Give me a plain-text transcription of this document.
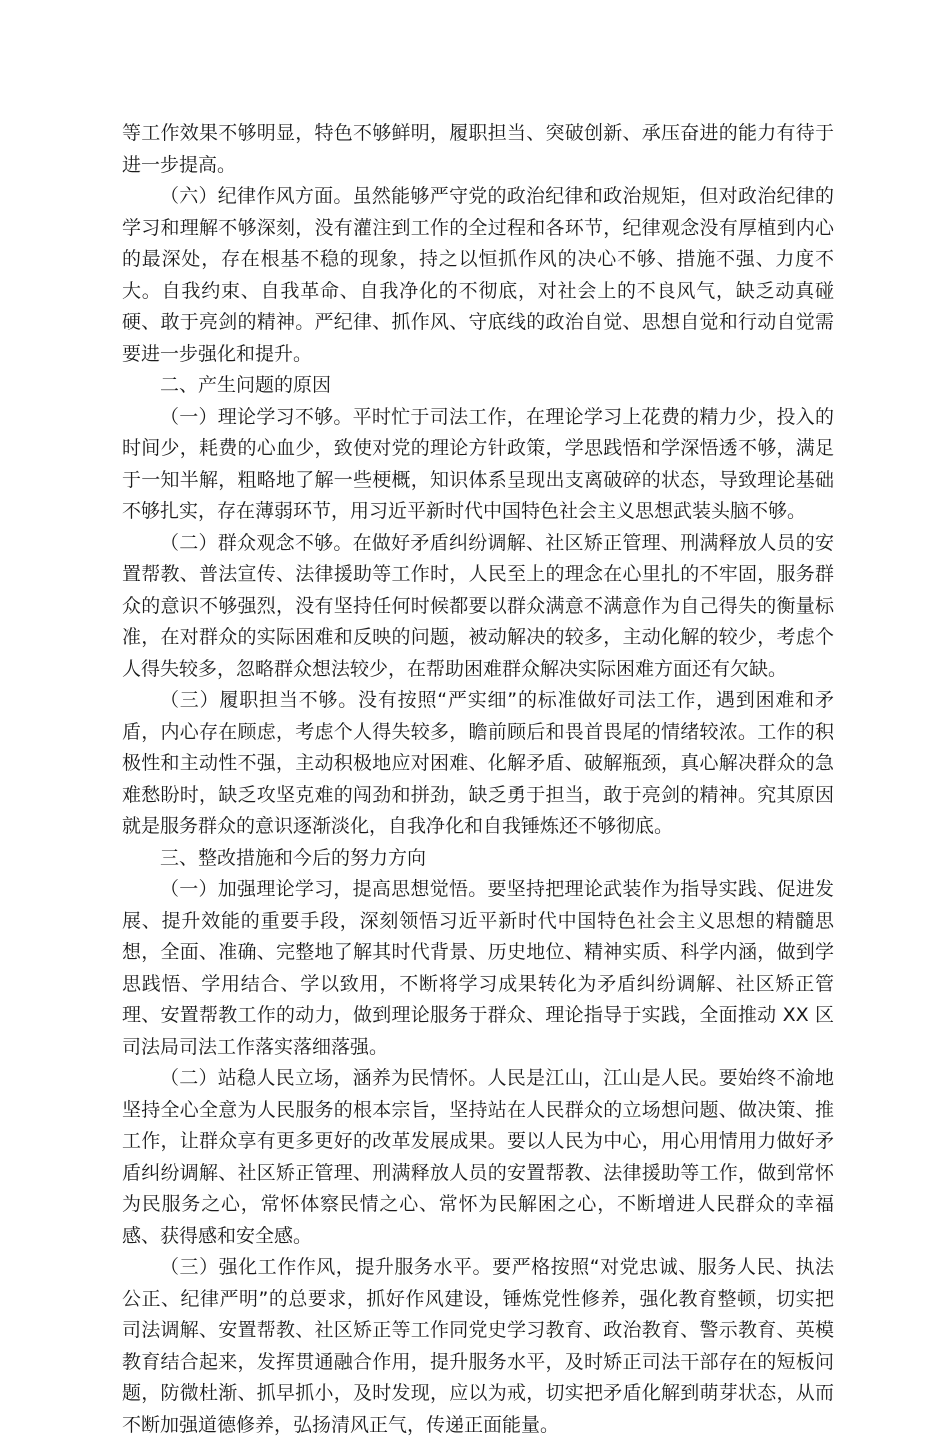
等工作效果不够明显，特色不够鲜明，履职担当、突破创新、承压奋进的能力有待于进一步提高。

（六）纪律作风方面。虽然能够严守党的政治纪律和政治规矩，但对政治纪律的学习和理解不够深刻，没有灌注到工作的全过程和各环节，纪律观念没有厚植到内心的最深处，存在根基不稳的现象，持之以恒抓作风的决心不够、措施不强、力度不大。自我约束、自我革命、自我净化的不彻底，对社会上的不良风气，缺乏动真碰硬、敢于亮剑的精神。严纪律、抓作风、守底线的政治自觉、思想自觉和行动自觉需要进一步强化和提升。

二、产生问题的原因

（一）理论学习不够。平时忙于司法工作，在理论学习上花费的精力少，投入的时间少，耗费的心血少，致使对党的理论方针政策，学思践悟和学深悟透不够，满足于一知半解，粗略地了解一些梗概，知识体系呈现出支离破碎的状态，导致理论基础不够扎实，存在薄弱环节，用习近平新时代中国特色社会主义思想武装头脑不够。

（二）群众观念不够。在做好矛盾纠纷调解、社区矫正管理、刑满释放人员的安置帮教、普法宣传、法律援助等工作时，人民至上的理念在心里扎的不牢固，服务群众的意识不够强烈，没有坚持任何时候都要以群众满意不满意作为自己得失的衡量标准，在对群众的实际困难和反映的问题，被动解决的较多，主动化解的较少，考虑个人得失较多，忽略群众想法较少，在帮助困难群众解决实际困难方面还有欠缺。

（三）履职担当不够。没有按照“严实细”的标准做好司法工作，遇到困难和矛盾，内心存在顾虑，考虑个人得失较多，瞻前顾后和畏首畏尾的情绪较浓。工作的积极性和主动性不强，主动积极地应对困难、化解矛盾、破解瓶颈，真心解决群众的急难愁盼时，缺乏攻坚克难的闯劲和拼劲，缺乏勇于担当，敢于亮剑的精神。究其原因就是服务群众的意识逐渐淡化，自我净化和自我锤炼还不够彻底。

三、整改措施和今后的努力方向

（一）加强理论学习，提高思想觉悟。要坚持把理论武装作为指导实践、促进发展、提升效能的重要手段，深刻领悟习近平新时代中国特色社会主义思想的精髓思想，全面、准确、完整地了解其时代背景、历史地位、精神实质、科学内涵，做到学思践悟、学用结合、学以致用，不断将学习成果转化为矛盾纠纷调解、社区矫正管理、安置帮教工作的动力，做到理论服务于群众、理论指导于实践，全面推动 XX 区司法局司法工作落实落细落强。

（二）站稳人民立场，涵养为民情怀。人民是江山，江山是人民。要始终不渝地坚持全心全意为人民服务的根本宗旨，坚持站在人民群众的立场想问题、做决策、推工作，让群众享有更多更好的改革发展成果。要以人民为中心，用心用情用力做好矛盾纠纷调解、社区矫正管理、刑满释放人员的安置帮教、法律援助等工作，做到常怀为民服务之心，常怀体察民情之心、常怀为民解困之心，不断增进人民群众的幸福感、获得感和安全感。

（三）强化工作作风，提升服务水平。要严格按照“对党忠诚、服务人民、执法公正、纪律严明”的总要求，抓好作风建设，锤炼党性修养，强化教育整顿，切实把司法调解、安置帮教、社区矫正等工作同党史学习教育、政治教育、警示教育、英模教育结合起来，发挥贯通融合作用，提升服务水平，及时矫正司法干部存在的短板问题，防微杜渐、抓早抓小，及时发现，应以为戒，切实把矛盾化解到萌芽状态，从而不断加强道德修养，弘扬清风正气，传递正面能量。
